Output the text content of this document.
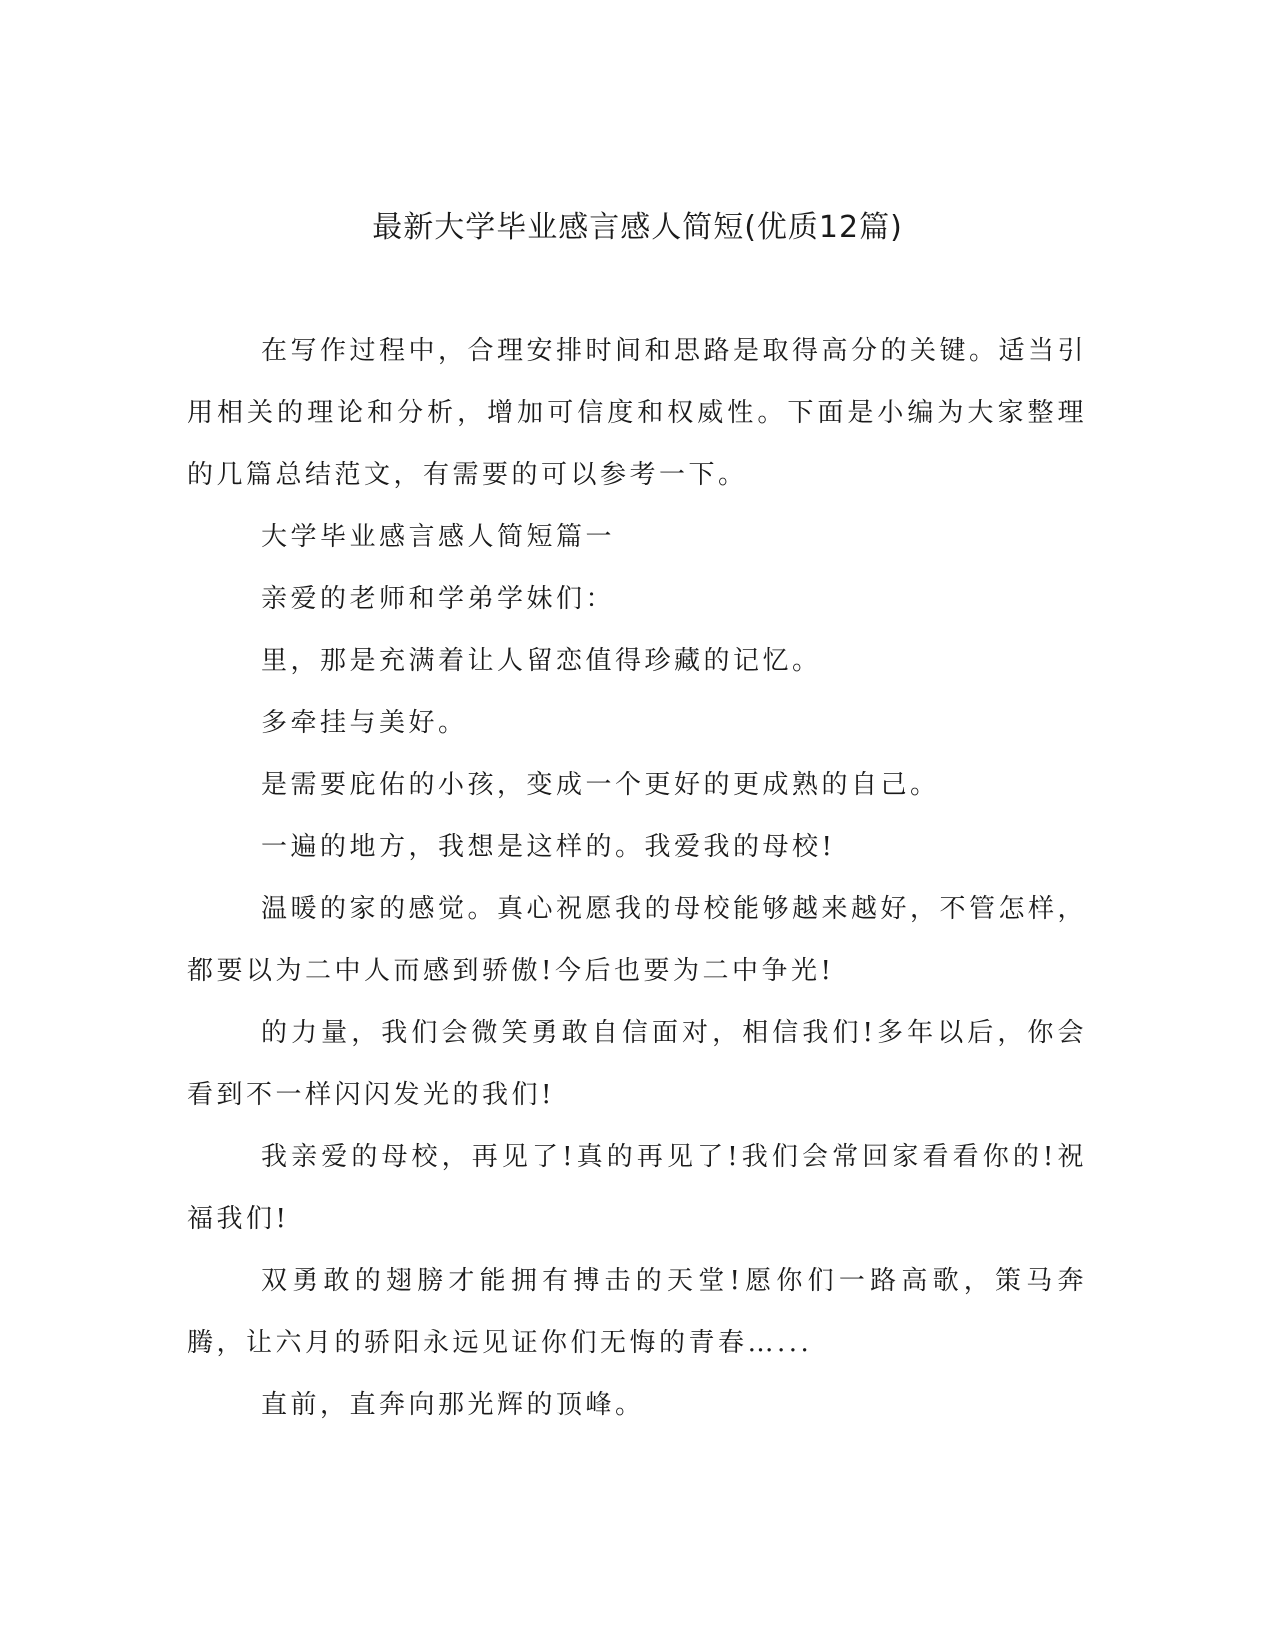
最新大学毕业感言感人简短(优质12篇)

在写作过程中，合理安排时间和思路是取得高分的关键。适当引用相关的理论和分析，增加可信度和权威性。下面是小编为大家整理的几篇总结范文，有需要的可以参考一下。

大学毕业感言感人简短篇一

亲爱的老师和学弟学妹们：

里，那是充满着让人留恋值得珍藏的记忆。

多牵挂与美好。

是需要庇佑的小孩，变成一个更好的更成熟的自己。

一遍的地方，我想是这样的。我爱我的母校!

温暖的家的感觉。真心祝愿我的母校能够越来越好，不管怎样，都要以为二中人而感到骄傲!今后也要为二中争光!

的力量，我们会微笑勇敢自信面对，相信我们!多年以后，你会看到不一样闪闪发光的我们!

我亲爱的母校，再见了!真的再见了!我们会常回家看看你的!祝福我们!

双勇敢的翅膀才能拥有搏击的天堂!愿你们一路高歌，策马奔腾，让六月的骄阳永远见证你们无悔的青春…...

直前，直奔向那光辉的顶峰。
